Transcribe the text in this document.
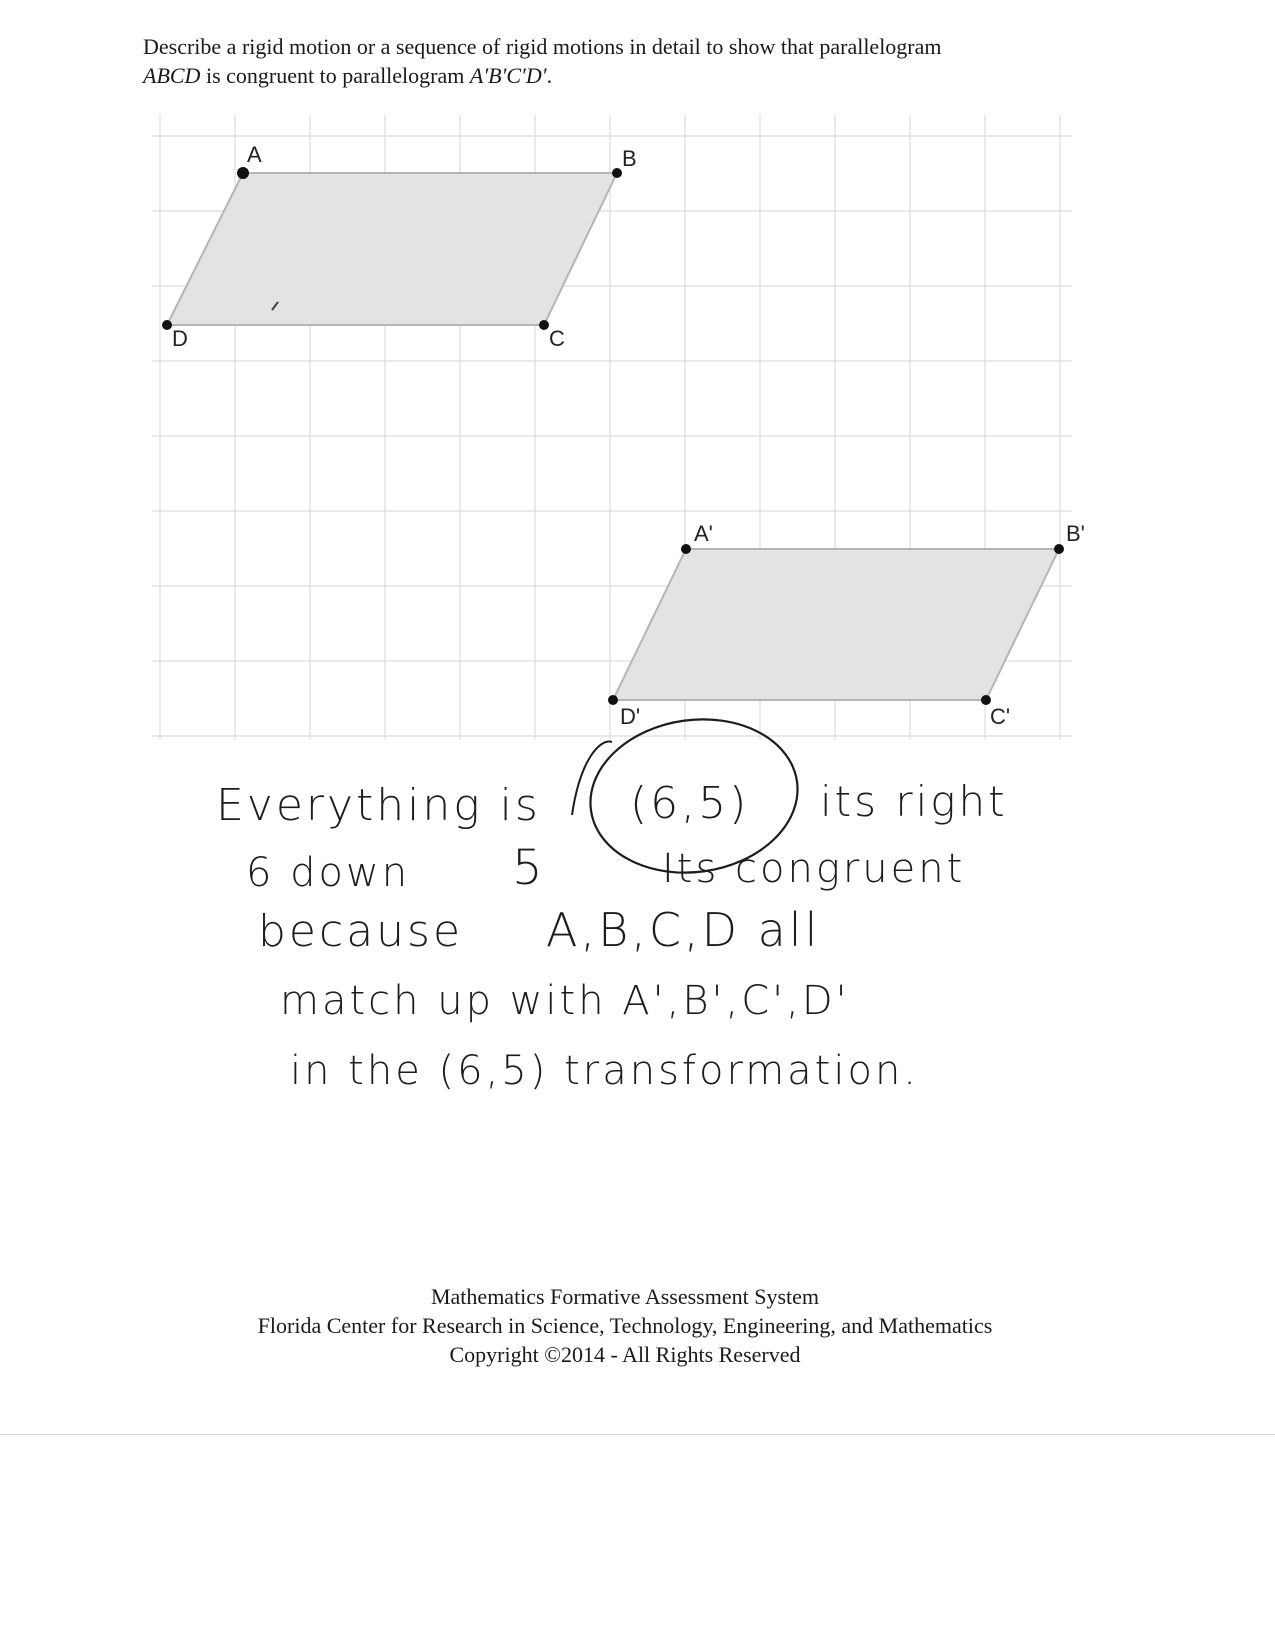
Describe a rigid motion or a sequence of rigid motions in detail to show that parallelogram
ABCD is congruent to parallelogram A′B′C′D′.
A	B
C
D
A'	B'
C'
D'
Everything is (6,5) its right
6 down 5	Its congruent
because A,B,C,D all
match up with A',B',C',D'
in the (6,5) transformation.
Mathematics Formative Assessment System
Florida Center for Research in Science, Technology, Engineering, and Mathematics
Copyright ©2014 - All Rights Reserved
